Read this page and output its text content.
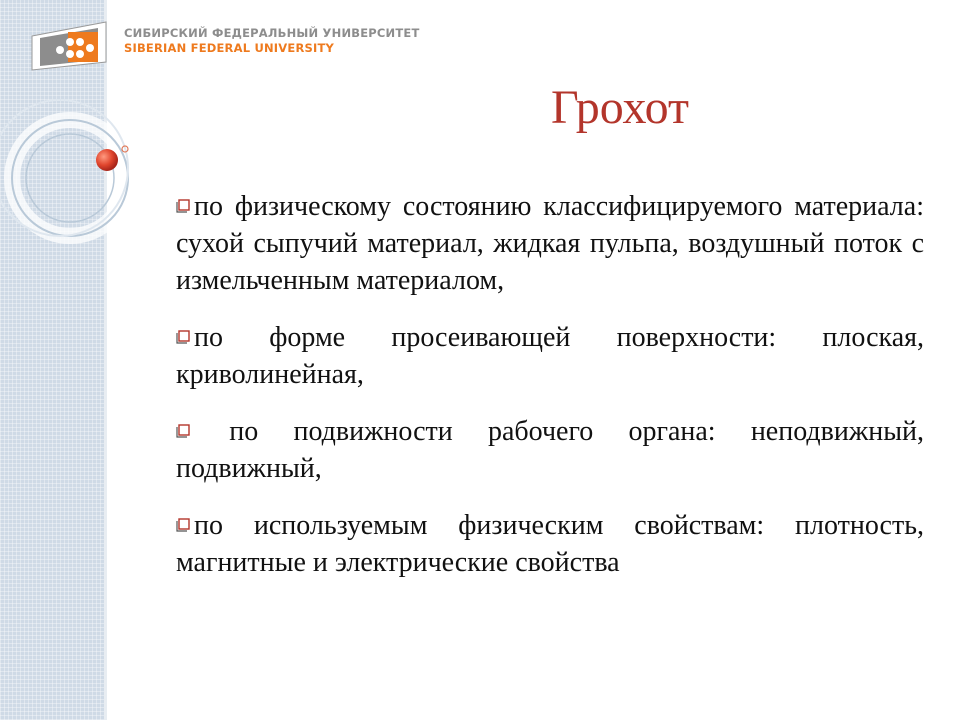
СИБИРСКИЙ ФЕДЕРАЛЬНЫЙ УНИВЕРСИТЕТ
SIBERIAN FEDERAL UNIVERSITY
Грохот

по физическому состоянию классифицируемого материала: сухой сыпучий материал, жидкая пульпа, воздушный поток с измельченным материалом,

по форме просеивающей поверхности: плоская, криволинейная,

по подвижности рабочего органа: неподвижный, подвижный,

по используемым физическим свойствам: плотность, магнитные и электрические свойства
